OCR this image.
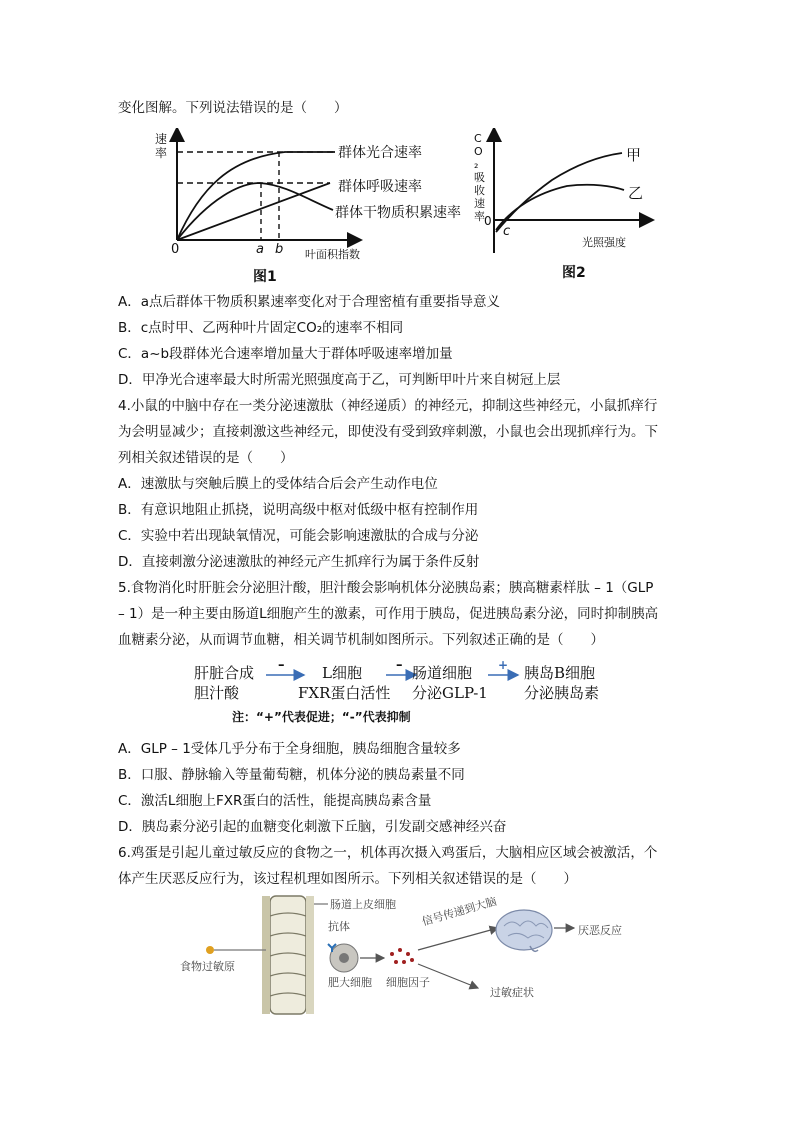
变化图解。下列说法错误的是（　　）
速
率	群体光合速率
群体呼吸速率
群体干物质积累速率
0	a b 叶面积指数
图1
CO₂吸收速率
甲
乙
0
c
光照强度
图2
A．a点后群体干物质积累速率变化对于合理密植有重要指导意义
B．c点时甲、乙两种叶片固定CO₂的速率不相同
C．a~b段群体光合速率增加量大于群体呼吸速率增加量
D．甲净光合速率最大时所需光照强度高于乙，可判断甲叶片来自树冠上层
4.小鼠的中脑中存在一类分泌速激肽（神经递质）的神经元，抑制这些神经元，小鼠抓痒行
为会明显减少；直接刺激这些神经元，即使没有受到致痒刺激，小鼠也会出现抓痒行为。下
列相关叙述错误的是（　　）
A．速激肽与突触后膜上的受体结合后会产生动作电位
B．有意识地阻止抓挠，说明高级中枢对低级中枢有控制作用
C．实验中若出现缺氧情况，可能会影响速激肽的合成与分泌
D．直接刺激分泌速激肽的神经元产生抓痒行为属于条件反射
5.食物消化时肝脏会分泌胆汁酸，胆汁酸会影响机体分泌胰岛素；胰高糖素样肽 – 1（GLP
– 1）是一种主要由肠道L细胞产生的激素，可作用于胰岛，促进胰岛素分泌，同时抑制胰高
血糖素分泌，从而调节血糖，相关调节机制如图所示。下列叙述正确的是（　　）
肝脏合成
胆汁酸
–	L细胞
FXR蛋白活性
– 肠道细胞
分泌GLP-1
+ 胰岛B细胞
分泌胰岛素
注：“+”代表促进；“-”代表抑制
A．GLP – 1受体几乎分布于全身细胞，胰岛细胞含量较多
B．口服、静脉输入等量葡萄糖，机体分泌的胰岛素量不同
C．激活L细胞上FXR蛋白的活性，能提高胰岛素含量
D．胰岛素分泌引起的血糖变化刺激下丘脑，引发副交感神经兴奋
6.鸡蛋是引起儿童过敏反应的食物之一，机体再次摄入鸡蛋后，大脑相应区域会被激活，个
体产生厌恶反应行为，该过程机理如图所示。下列相关叙述错误的是（　　）
肠道上皮细胞
抗体
食物过敏原
肥大细胞 细胞因子
信号传递到大脑
厌恶反应
过敏症状
